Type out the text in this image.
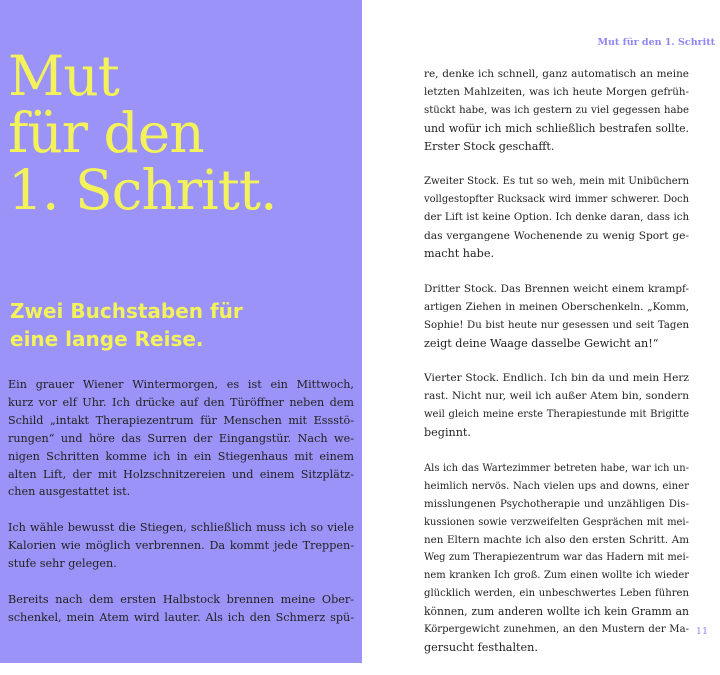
Mut
für den
1. Schritt.
Zwei Buchstaben für
eine lange Reise.
Ein grauer Wiener Wintermorgen, es ist ein Mittwoch,
kurz vor elf Uhr. Ich drücke auf den Türöffner neben dem
Schild „intakt Therapiezentrum für Menschen mit Essstö-
rungen“ und höre das Surren der Eingangstür. Nach we-
nigen Schritten komme ich in ein Stiegenhaus mit einem
alten Lift, der mit Holzschnitzereien und einem Sitzplätz-
chen ausgestattet ist.
Ich wähle bewusst die Stiegen, schließlich muss ich so viele
Kalorien wie möglich verbrennen. Da kommt jede Treppen-
stufe sehr gelegen.
Bereits nach dem ersten Halbstock brennen meine Ober-
schenkel, mein Atem wird lauter. Als ich den Schmerz spü-
Mut für den 1. Schritt
re, denke ich schnell, ganz automatisch an meine
letzten Mahlzeiten, was ich heute Morgen gefrüh-
stückt habe, was ich gestern zu viel gegessen habe
und wofür ich mich schließlich bestrafen sollte.
Erster Stock geschafft.
Zweiter Stock. Es tut so weh, mein mit Unibüchern
vollgestopfter Rucksack wird immer schwerer. Doch
der Lift ist keine Option. Ich denke daran, dass ich
das vergangene Wochenende zu wenig Sport ge-
macht habe.
Dritter Stock. Das Brennen weicht einem krampf-
artigen Ziehen in meinen Oberschenkeln. „Komm,
Sophie! Du bist heute nur gesessen und seit Tagen
zeigt deine Waage dasselbe Gewicht an!“
Vierter Stock. Endlich. Ich bin da und mein Herz
rast. Nicht nur, weil ich außer Atem bin, sondern
weil gleich meine erste Therapiestunde mit Brigitte
beginnt.
Als ich das Wartezimmer betreten habe, war ich un-
heimlich nervös. Nach vielen ups and downs, einer
misslungenen Psychotherapie und unzähligen Dis-
kussionen sowie verzweifelten Gesprächen mit mei-
nen Eltern machte ich also den ersten Schritt. Am
Weg zum Therapiezentrum war das Hadern mit mei-
nem kranken Ich groß. Zum einen wollte ich wieder
glücklich werden, ein unbeschwertes Leben führen
können, zum anderen wollte ich kein Gramm an
Körpergewicht zunehmen, an den Mustern der Ma-
gersucht festhalten.
11
